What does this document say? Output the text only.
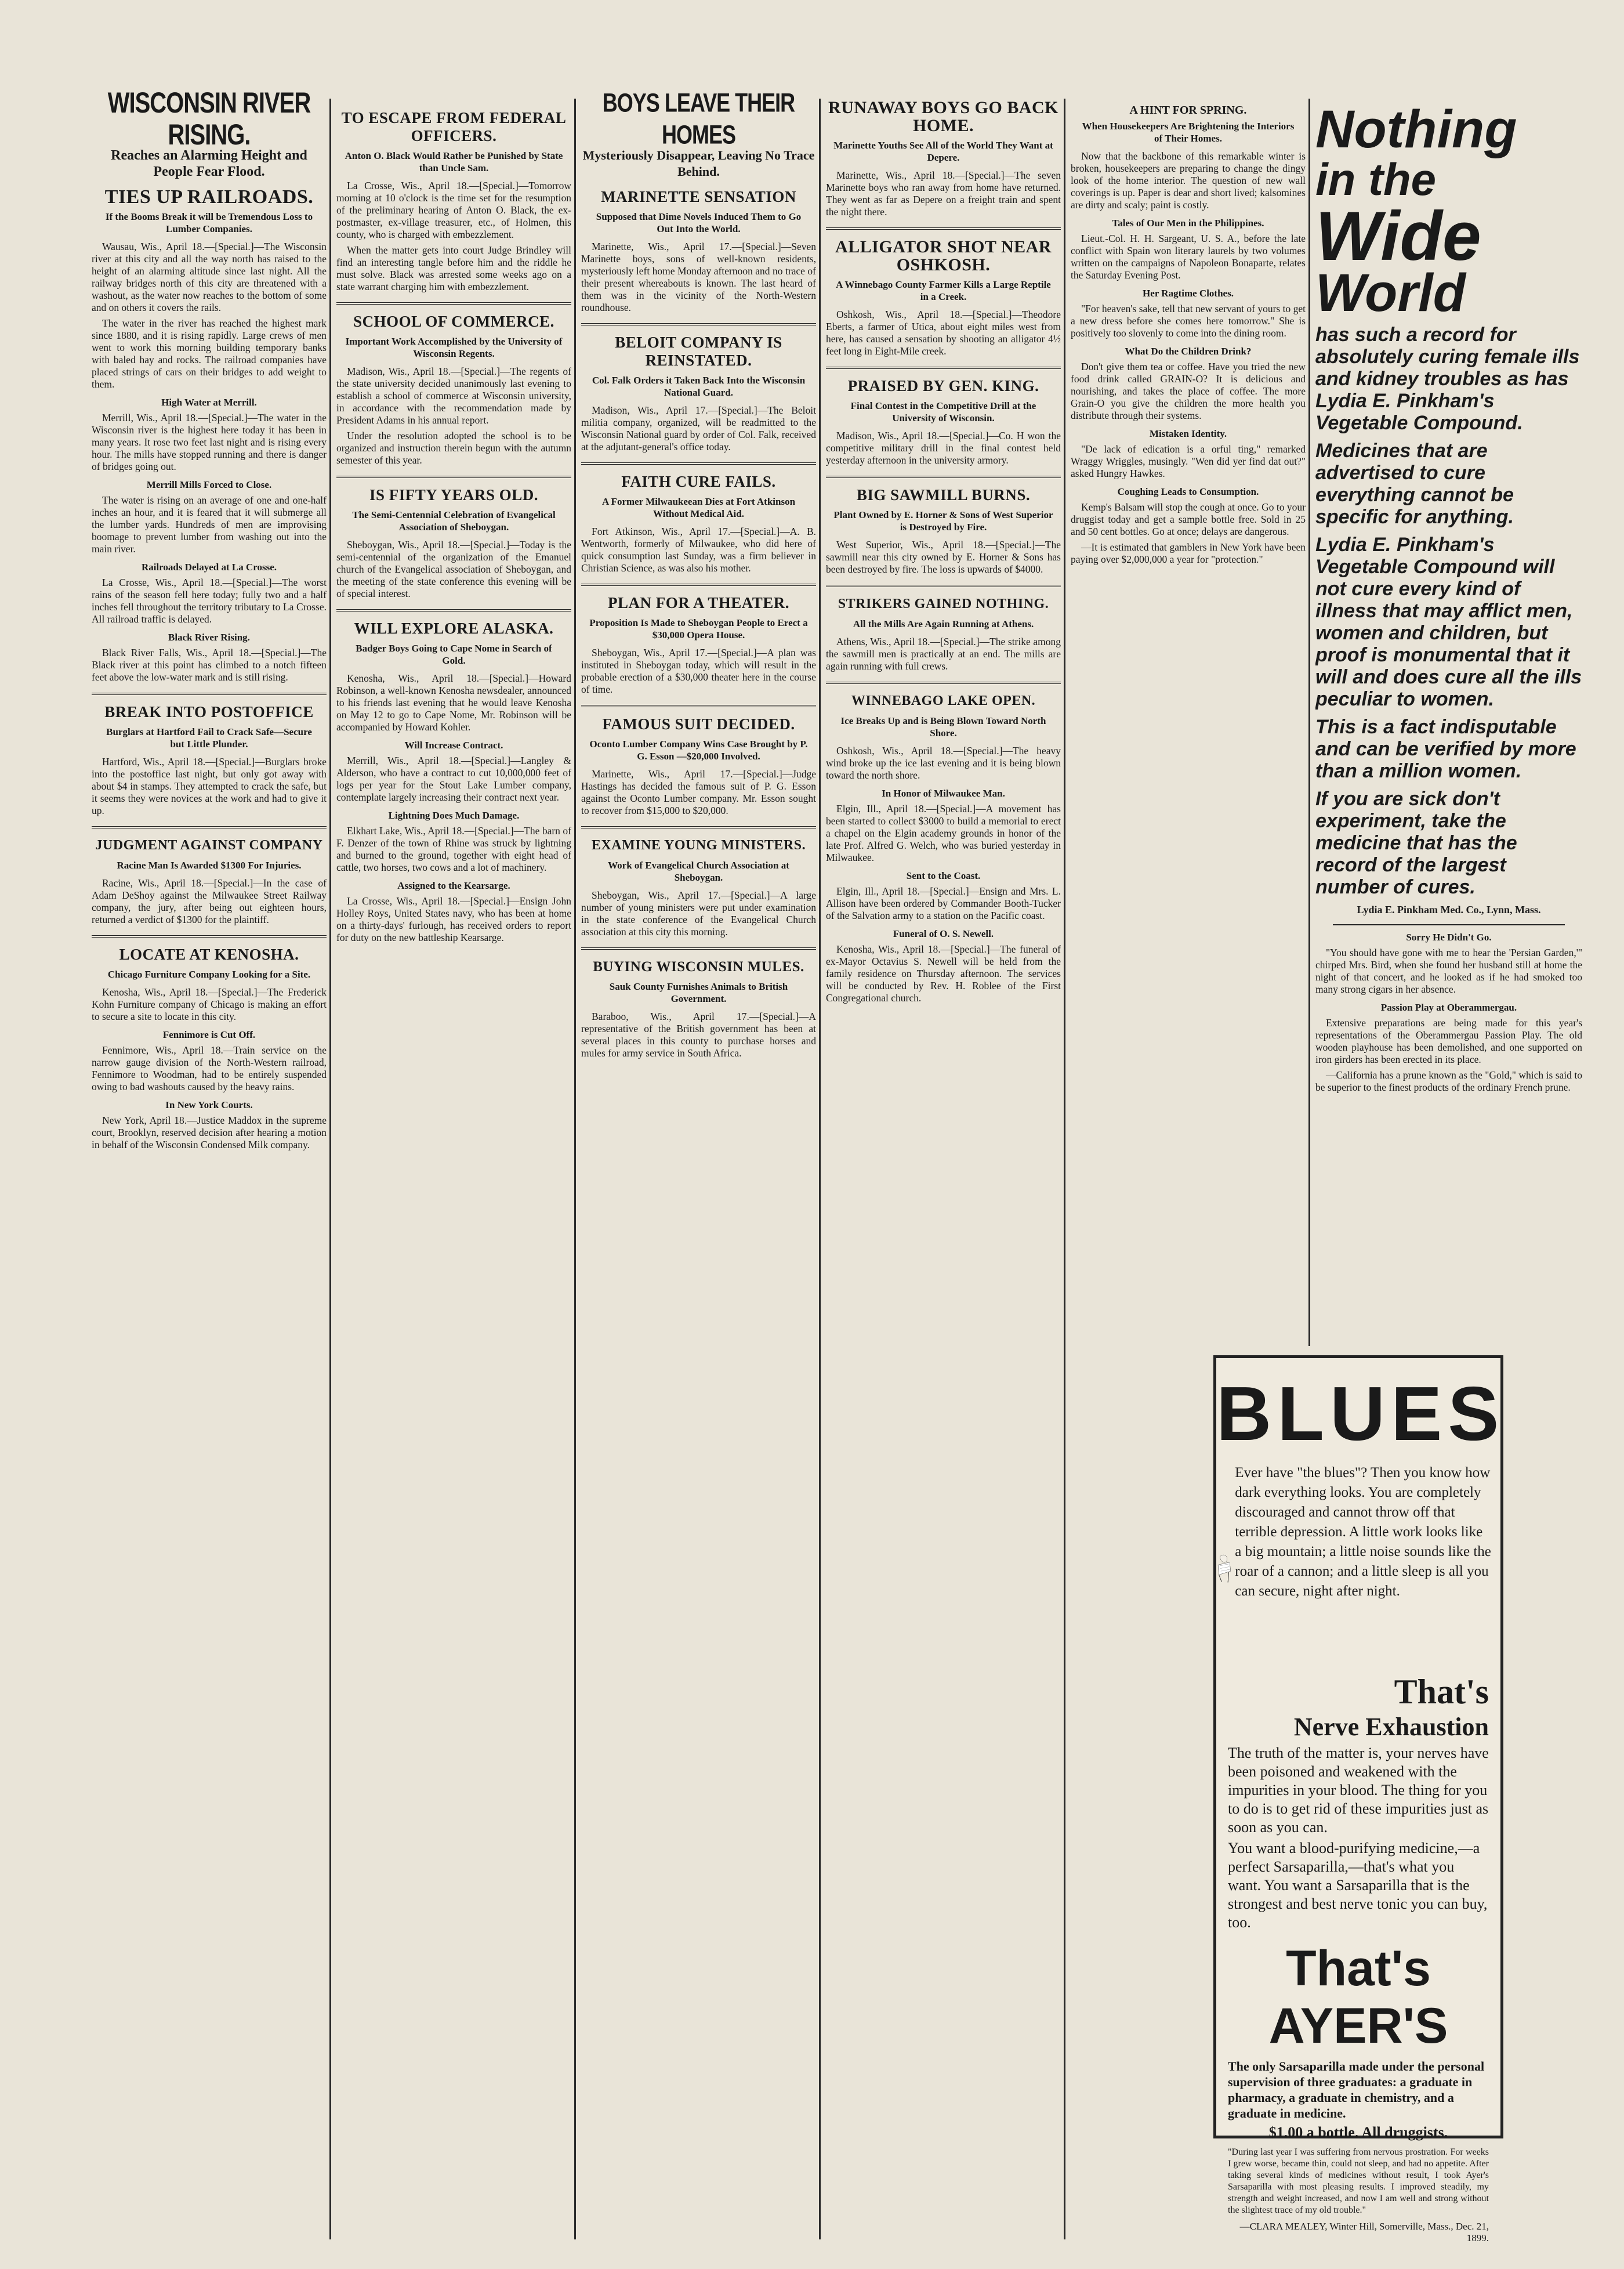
WISCONSIN RIVER RISING.
Reaches an Alarming Height and People Fear Flood.
TIES UP RAILROADS.
If the Booms Break it will be Tremendous Loss to Lumber Companies.

Wausau, Wis., April 18.—[Special.]—The Wisconsin river at this city and all the way north has raised to the height of an alarming altitude since last night. All the railway bridges north of this city are threatened with a washout, as the water now reaches to the bottom of some and on others it covers the rails.

The water in the river has reached the highest mark since 1880, and it is rising rapidly. Large crews of men went to work this morning building temporary banks with baled hay and rocks. The railroad companies have placed strings of cars on their bridges to add weight to them.

High Water at Merrill.

Merrill, Wis., April 18.—[Special.]—The water in the Wisconsin river is the highest here today it has been in many years. It rose two feet last night and is rising every hour. The mills have stopped running and there is danger of bridges going out.

Merrill Mills Forced to Close.

The water is rising on an average of one and one-half inches an hour, and it is feared that it will submerge all the lumber yards. Hundreds of men are improvising boomage to prevent lumber from washing out into the main river.

Railroads Delayed at La Crosse.

La Crosse, Wis., April 18.—[Special.]—The worst rains of the season fell here today; fully two and a half inches fell throughout the territory tributary to La Crosse. All railroad traffic is delayed.

Black River Rising.

Black River Falls, Wis., April 18.—[Special.]—The Black river at this point has climbed to a notch fifteen feet above the low-water mark and is still rising.

BREAK INTO POSTOFFICE
Burglars at Hartford Fail to Crack Safe—Secure but Little Plunder.

Hartford, Wis., April 18.—[Special.]—Burglars broke into the postoffice last night, but only got away with about $4 in stamps. They attempted to crack the safe, but it seems they were novices at the work and had to give it up.

JUDGMENT AGAINST COMPANY
Racine Man Is Awarded $1300 For Injuries.

Racine, Wis., April 18.—[Special.]—In the case of Adam DeShoy against the Milwaukee Street Railway company, the jury, after being out eighteen hours, returned a verdict of $1300 for the plaintiff.

LOCATE AT KENOSHA.
Chicago Furniture Company Looking for a Site.

Kenosha, Wis., April 18.—[Special.]—The Frederick Kohn Furniture company of Chicago is making an effort to secure a site to locate in this city.

Fennimore is Cut Off.

Fennimore, Wis., April 18.—Train service on the narrow gauge division of the North-Western railroad, Fennimore to Woodman, had to be entirely suspended owing to bad washouts caused by the heavy rains.

In New York Courts.

New York, April 18.—Justice Maddox in the supreme court, Brooklyn, reserved decision after hearing a motion in behalf of the Wisconsin Condensed Milk company.

TO ESCAPE FROM FEDERAL OFFICERS.
Anton O. Black Would Rather be Punished by State than Uncle Sam.

La Crosse, Wis., April 18.—[Special.]—Tomorrow morning at 10 o'clock is the time set for the resumption of the preliminary hearing of Anton O. Black, the ex-postmaster, ex-village treasurer, etc., of Holmen, this county, who is charged with embezzlement.

When the matter gets into court Judge Brindley will find an interesting tangle before him and the riddle he must solve. Black was arrested some weeks ago on a state warrant charging him with embezzlement.

SCHOOL OF COMMERCE.
Important Work Accomplished by the University of Wisconsin Regents.

Madison, Wis., April 18.—[Special.]—The regents of the state university decided unanimously last evening to establish a school of commerce at Wisconsin university, in accordance with the recommendation made by President Adams in his annual report.

Under the resolution adopted the school is to be organized and instruction therein begun with the autumn semester of this year.

IS FIFTY YEARS OLD.
The Semi-Centennial Celebration of Evangelical Association of Sheboygan.

Sheboygan, Wis., April 18.—[Special.]—Today is the semi-centennial of the organization of the Emanuel church of the Evangelical association of Sheboygan, and the meeting of the state conference this evening will be of special interest.

WILL EXPLORE ALASKA.
Badger Boys Going to Cape Nome in Search of Gold.

Kenosha, Wis., April 18.—[Special.]—Howard Robinson, a well-known Kenosha newsdealer, announced to his friends last evening that he would leave Kenosha on May 12 to go to Cape Nome, Mr. Robinson will be accompanied by Howard Kohler.

Will Increase Contract.

Merrill, Wis., April 18.—[Special.]—Langley & Alderson, who have a contract to cut 10,000,000 feet of logs per year for the Stout Lake Lumber company, contemplate largely increasing their contract next year.

Lightning Does Much Damage.

Elkhart Lake, Wis., April 18.—[Special.]—The barn of F. Denzer of the town of Rhine was struck by lightning and burned to the ground, together with eight head of cattle, two horses, two cows and a lot of machinery.

Assigned to the Kearsarge.

La Crosse, Wis., April 18.—[Special.]—Ensign John Holley Roys, United States navy, who has been at home on a thirty-days' furlough, has received orders to report for duty on the new battleship Kearsarge.

BOYS LEAVE THEIR HOMES
Mysteriously Disappear, Leaving No Trace Behind.
MARINETTE SENSATION
Supposed that Dime Novels Induced Them to Go Out Into the World.

Marinette, Wis., April 17.—[Special.]—Seven Marinette boys, sons of well-known residents, mysteriously left home Monday afternoon and no trace of their present whereabouts is known. The last heard of them was in the vicinity of the North-Western roundhouse.

BELOIT COMPANY IS REINSTATED.
Col. Falk Orders it Taken Back Into the Wisconsin National Guard.

Madison, Wis., April 17.—[Special.]—The Beloit militia company, organized, will be readmitted to the Wisconsin National guard by order of Col. Falk, received at the adjutant-general's office today.

FAITH CURE FAILS.
A Former Milwaukeean Dies at Fort Atkinson Without Medical Aid.

Fort Atkinson, Wis., April 17.—[Special.]—A. B. Wentworth, formerly of Milwaukee, who did here of quick consumption last Sunday, was a firm believer in Christian Science, as was also his mother.

PLAN FOR A THEATER.
Proposition Is Made to Sheboygan People to Erect a $30,000 Opera House.

Sheboygan, Wis., April 17.—[Special.]—A plan was instituted in Sheboygan today, which will result in the probable erection of a $30,000 theater here in the course of time.

FAMOUS SUIT DECIDED.
Oconto Lumber Company Wins Case Brought by P. G. Esson —$20,000 Involved.

Marinette, Wis., April 17.—[Special.]—Judge Hastings has decided the famous suit of P. G. Esson against the Oconto Lumber company. Mr. Esson sought to recover from $15,000 to $20,000.

EXAMINE YOUNG MINISTERS.
Work of Evangelical Church Association at Sheboygan.

Sheboygan, Wis., April 17.—[Special.]—A large number of young ministers were put under examination in the state conference of the Evangelical Church association at this city this morning.

BUYING WISCONSIN MULES.
Sauk County Furnishes Animals to British Government.

Baraboo, Wis., April 17.—[Special.]—A representative of the British government has been at several places in this county to purchase horses and mules for army service in South Africa.

RUNAWAY BOYS GO BACK HOME.
Marinette Youths See All of the World They Want at Depere.

Marinette, Wis., April 18.—[Special.]—The seven Marinette boys who ran away from home have returned. They went as far as Depere on a freight train and spent the night there.

ALLIGATOR SHOT NEAR OSHKOSH.
A Winnebago County Farmer Kills a Large Reptile in a Creek.

Oshkosh, Wis., April 18.—[Special.]—Theodore Eberts, a farmer of Utica, about eight miles west from here, has caused a sensation by shooting an alligator 4½ feet long in Eight-Mile creek.

PRAISED BY GEN. KING.
Final Contest in the Competitive Drill at the University of Wisconsin.

Madison, Wis., April 18.—[Special.]—Co. H won the competitive military drill in the final contest held yesterday afternoon in the university armory.

BIG SAWMILL BURNS.
Plant Owned by E. Horner & Sons of West Superior is Destroyed by Fire.

West Superior, Wis., April 18.—[Special.]—The sawmill near this city owned by E. Horner & Sons has been destroyed by fire. The loss is upwards of $4000.

STRIKERS GAINED NOTHING.
All the Mills Are Again Running at Athens.

Athens, Wis., April 18.—[Special.]—The strike among the sawmill men is practically at an end. The mills are again running with full crews.

WINNEBAGO LAKE OPEN.
Ice Breaks Up and is Being Blown Toward North Shore.

Oshkosh, Wis., April 18.—[Special.]—The heavy wind broke up the ice last evening and it is being blown toward the north shore.

In Honor of Milwaukee Man.

Elgin, Ill., April 18.—[Special.]—A movement has been started to collect $3000 to build a memorial to erect a chapel on the Elgin academy grounds in honor of the late Prof. Alfred G. Welch, who was buried yesterday in Milwaukee.

Sent to the Coast.

Elgin, Ill., April 18.—[Special.]—Ensign and Mrs. L. Allison have been ordered by Commander Booth-Tucker of the Salvation army to a station on the Pacific coast.

Funeral of O. S. Newell.

Kenosha, Wis., April 18.—[Special.]—The funeral of ex-Mayor Octavius S. Newell will be held from the family residence on Thursday afternoon. The services will be conducted by Rev. H. Roblee of the First Congregational church.

A HINT FOR SPRING.
When Housekeepers Are Brightening the Interiors of Their Homes.

Now that the backbone of this remarkable winter is broken, housekeepers are preparing to change the dingy look of the home interior. The question of new wall coverings is up. Paper is dear and short lived; kalsomines are dirty and scaly; paint is costly.

Tales of Our Men in the Philippines.

Lieut.-Col. H. H. Sargeant, U. S. A., before the late conflict with Spain won literary laurels by two volumes written on the campaigns of Napoleon Bonaparte, relates the Saturday Evening Post.

Her Ragtime Clothes.

"For heaven's sake, tell that new servant of yours to get a new dress before she comes here tomorrow." She is positively too slovenly to come into the dining room.

What Do the Children Drink?

Don't give them tea or coffee. Have you tried the new food drink called GRAIN-O? It is delicious and nourishing, and takes the place of coffee. The more Grain-O you give the children the more health you distribute through their systems.

Mistaken Identity.

"De lack of edication is a orful ting," remarked Wraggy Wriggles, musingly. "Wen did yer find dat out?" asked Hungry Hawkes.

Coughing Leads to Consumption.

Kemp's Balsam will stop the cough at once. Go to your druggist today and get a sample bottle free. Sold in 25 and 50 cent bottles. Go at once; delays are dangerous.

—It is estimated that gamblers in New York have been paying over $2,000,000 a year for "protection."

Nothing
in the
Wide
World
has such a record for absolutely curing female ills and kidney troubles as has Lydia E. Pinkham's Vegetable Compound.
Medicines that are advertised to cure everything cannot be specific for anything.
Lydia E. Pinkham's Vegetable Compound will not cure every kind of illness that may afflict men, women and children, but proof is monumental that it will and does cure all the ills peculiar to women.
This is a fact indisputable and can be verified by more than a million women.
If you are sick don't experiment, take the medicine that has the record of the largest number of cures.
Lydia E. Pinkham Med. Co., Lynn, Mass.
Sorry He Didn't Go.

"You should have gone with me to hear the 'Persian Garden,'" chirped Mrs. Bird, when she found her husband still at home the night of that concert, and he looked as if he had smoked too many strong cigars in her absence.

Passion Play at Oberammergau.

Extensive preparations are being made for this year's representations of the Oberammergau Passion Play. The old wooden playhouse has been demolished, and one supported on iron girders has been erected in its place.

—California has a prune known as the "Gold," which is said to be superior to the finest products of the ordinary French prune.

BLUES
Ever have "the blues"? Then you know how dark everything looks. You are completely discouraged and cannot throw off that terrible depression. A little work looks like a big mountain; a little noise sounds like the roar of a cannon; and a little sleep is all you can secure, night after night.
That's
Nerve Exhaustion
The truth of the matter is, your nerves have been poisoned and weakened with the impurities in your blood. The thing for you to do is to get rid of these impurities just as soon as you can.
You want a blood-purifying medicine,—a perfect Sarsaparilla,—that's what you want. You want a Sarsaparilla that is the strongest and best nerve tonic you can buy, too.
That's AYER'S
The only Sarsaparilla made under the personal supervision of three graduates: a graduate in pharmacy, a graduate in chemistry, and a graduate in medicine.
$1.00 a bottle. All druggists.
"During last year I was suffering from nervous prostration. For weeks I grew worse, became thin, could not sleep, and had no appetite. After taking several kinds of medicines without result, I took Ayer's Sarsaparilla with most pleasing results. I improved steadily, my strength and weight increased, and now I am well and strong without the slightest trace of my old trouble."
—CLARA MEALEY, Winter Hill, Somerville, Mass., Dec. 21, 1899.
